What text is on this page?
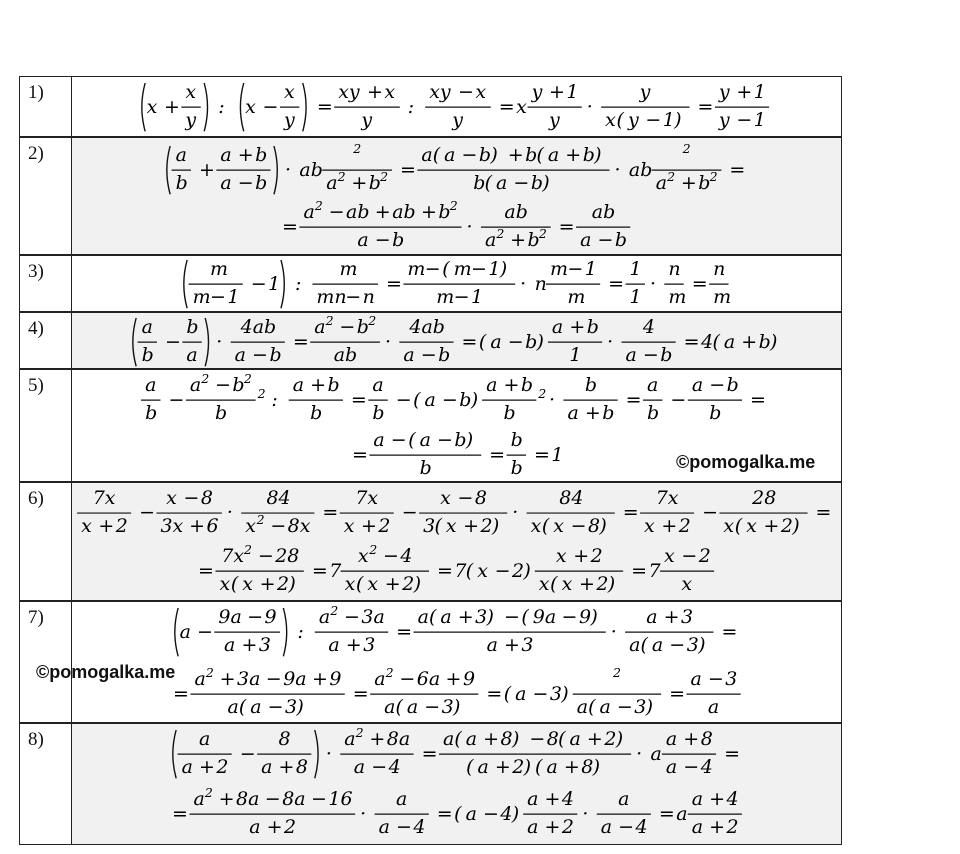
1)
x +
x
y
: x −
x
y
=
xy + x
y
:
xy − x
y
= x
y + 1
y
·
y
x ( y − 1 )
=
y + 1
y − 1
2)	a
b
+
a + b
a − b
· ab
2
a 2 + b 2 =
a ( a − b ) + b ( a + b )
b ( a − b )
· ab
2
a 2 + b 2 =
=
a 2 − ab + ab + b 2
a − b
·
ab
a 2 + b 2 =
ab
a − b
3)	m
m − 1
− 1 :
m
mn
− n
=
m − ( m − 1 )
m − 1
· n
m − 1
m
=
1
1
·
n
m
=
n
m
4)	a
b
−
b
a
·
4ab
a − b
=
a 2 − b 2
ab
·
4ab
a − b
= ( a − b )
a + b
1
·
4
a − b
= 4 ( a + b )
5)	a
b
−
a 2 − b 2
b
2 :
a + b
b
=
a
b
− ( a − b )
a + b
b
2 ·
b
a + b
=
a
b
−
a − b
b
=
=
a − ( a − b )
b
=
b
b
= 1
6)	7x
x + 2
−
x − 8
3x + 6
·
84
x 2 − 8x
=
7x
x + 2
−
x − 8
3 ( x + 2 )
·
84
x ( x − 8 )
=
7x
x + 2
−
28
x ( x + 2 )
=
=
7x 2 − 28
x ( x + 2 )
= 7
x 2 − 4
x ( x + 2 )
= 7 ( x − 2 )
x + 2
x ( x + 2 )
= 7
x − 2
x
7)
a −
9a − 9
a + 3
:
a 2 − 3a
a + 3
=
a ( a + 3 ) − ( 9a − 9 )
a + 3
·
a + 3
a ( a − 3 )
=
=
a 2 + 3a − 9a + 9
a ( a − 3 )
=
a 2 − 6a + 9
a ( a − 3 )
= ( a − 3 )
2
a ( a − 3 )
=
a − 3
a
8)	a
a + 2
−
8
a + 8
·
a 2 + 8a
a − 4
=
a ( a + 8 ) − 8 ( a + 2 )
( a + 2 ) ( a + 8 )
· a
a + 8
a − 4
=
=
a 2 + 8a − 8a − 16
a + 2
·
a
a − 4
= ( a − 4 )
a + 4
a + 2
·
a
a − 4
= a
a + 4
a + 2
©pomogalka.me
©pomogalka.me
